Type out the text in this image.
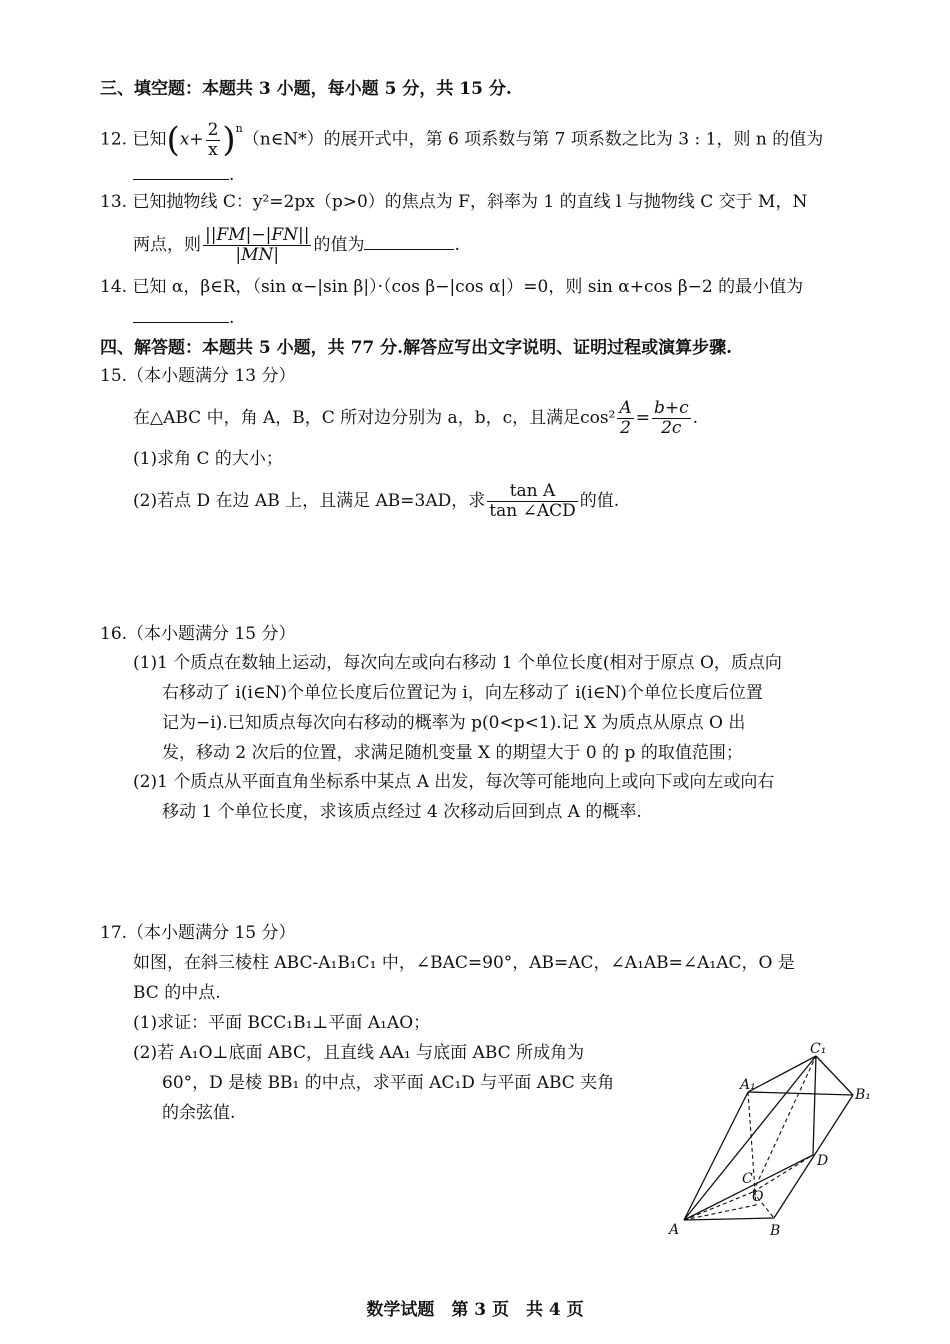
三、填空题：本题共 3 小题，每小题 5 分，共 15 分.
12. 已知($x+ \frac{2}{x}$ )$^n(n\in N*)$的展开式中，第 6 项系数与第 7 项系数之比为 3 : 1，则 n 的值为
.
13. 已知抛物线 C：y²=2px（p>0）的焦点为 F，斜率为 1 的直线 l 与抛物线 C 交于 M，N
两点，则 $\frac{||FM|-|FN||}{|MN|}$ 的值为	.
14. 已知 α，β∈R，（sin α−|sin β|）·（cos β−|cos α|）=0，则 sin α+cos β−2 的最小值为
.
四、解答题：本题共 5 小题，共 77 分.解答应写出文字说明、证明过程或演算步骤.
15.（本小题满分 13 分）
在△ABC 中，角 A，B，C 所对边分别为 a，b，c，且满足$\cos^2 \frac{A}{2} = \frac{b+c}{2c}$ .
(1)求角 C 的大小；
(2)若点 D 在边 AB 上，且满足 AB=3AD，求 $\frac{\text{tan A}}{\text{tan ∠ACD}}$ 的值.
16.（本小题满分 15 分）
(1)1 个质点在数轴上运动，每次向左或向右移动 1 个单位长度(相对于原点 O，质点向
右移动了 i(i∈N)个单位长度后位置记为 i，向左移动了 i(i∈N)个单位长度后位置
记为−i).已知质点每次向右移动的概率为 p(0<p<1).记 X 为质点从原点 O 出
发，移动 2 次后的位置，求满足随机变量 X 的期望大于 0 的 p 的取值范围；
(2)1 个质点从平面直角坐标系中某点 A 出发，每次等可能地向上或向下或向左或向右
移动 1 个单位长度，求该质点经过 4 次移动后回到点 A 的概率.
17.（本小题满分 15 分）
如图，在斜三棱柱 ABC-A₁B₁C₁ 中，∠BAC=90°，AB=AC，∠A₁AB=∠A₁AC，O 是
BC 的中点.
(1)求证：平面 BCC₁B₁⊥平面 A₁AO；
(2)若 A₁O⊥底面 ABC，且直线 AA₁ 与底面 ABC 所成角为
60°，D 是棱 BB₁ 的中点，求平面 AC₁D 与平面 ABC 夹角
的余弦值.
C₁
A₁
B₁
D
C
O
A	B
数学试题　第 3 页　共 4 页
